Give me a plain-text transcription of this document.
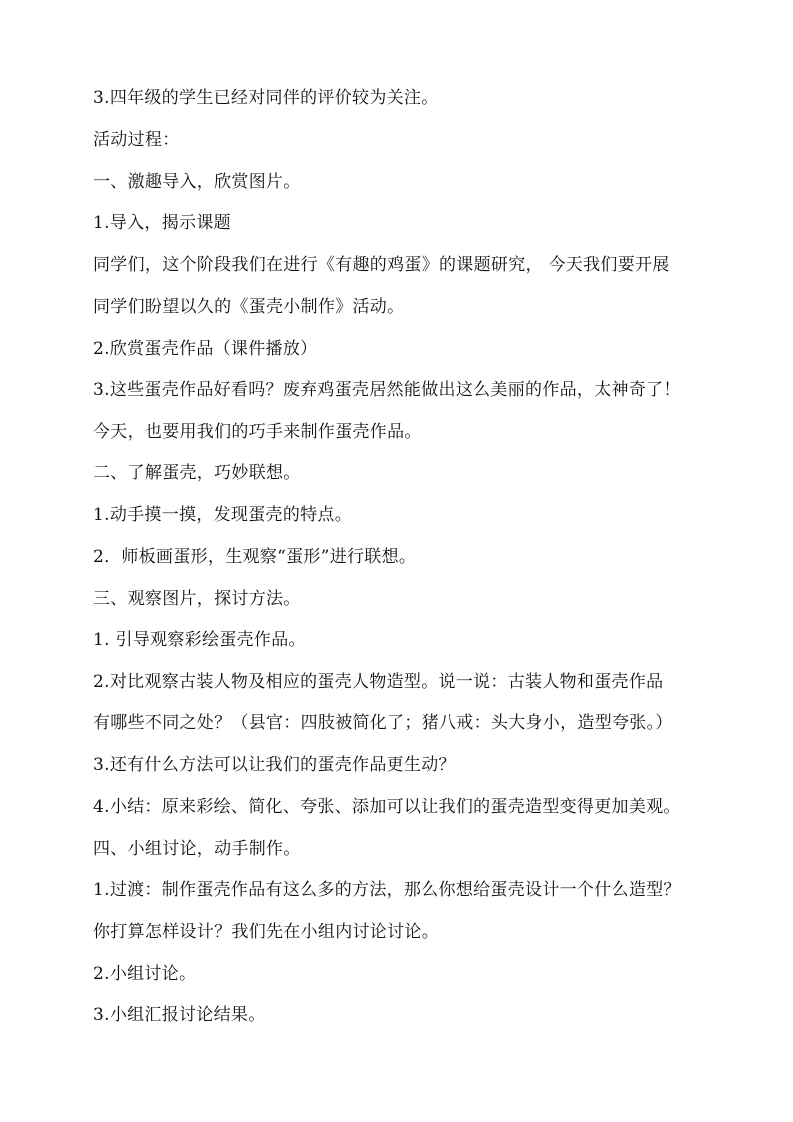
3.四年级的学生已经对同伴的评价较为关注。
活动过程：
一、激趣导入，欣赏图片。
1.导入，揭示课题
同学们，这个阶段我们在进行《有趣的鸡蛋》的课题研究， 今天我们要开展
同学们盼望以久的《蛋壳小制作》活动。
2.欣赏蛋壳作品（课件播放）
3.这些蛋壳作品好看吗？废弃鸡蛋壳居然能做出这么美丽的作品，太神奇了！
今天，也要用我们的巧手来制作蛋壳作品。
二、了解蛋壳，巧妙联想。
1.动手摸一摸，发现蛋壳的特点。
2．师板画蛋形，生观察“蛋形”进行联想。
三、观察图片，探讨方法。
1. 引导观察彩绘蛋壳作品。
2.对比观察古装人物及相应的蛋壳人物造型。说一说：古装人物和蛋壳作品
有哪些不同之处？（县官：四肢被简化了；猪八戒：头大身小，造型夸张。）
3.还有什么方法可以让我们的蛋壳作品更生动？
4.小结：原来彩绘、简化、夸张、添加可以让我们的蛋壳造型变得更加美观。
四、小组讨论，动手制作。
1.过渡：制作蛋壳作品有这么多的方法，那么你想给蛋壳设计一个什么造型？
你打算怎样设计？我们先在小组内讨论讨论。
2.小组讨论。
3.小组汇报讨论结果。
